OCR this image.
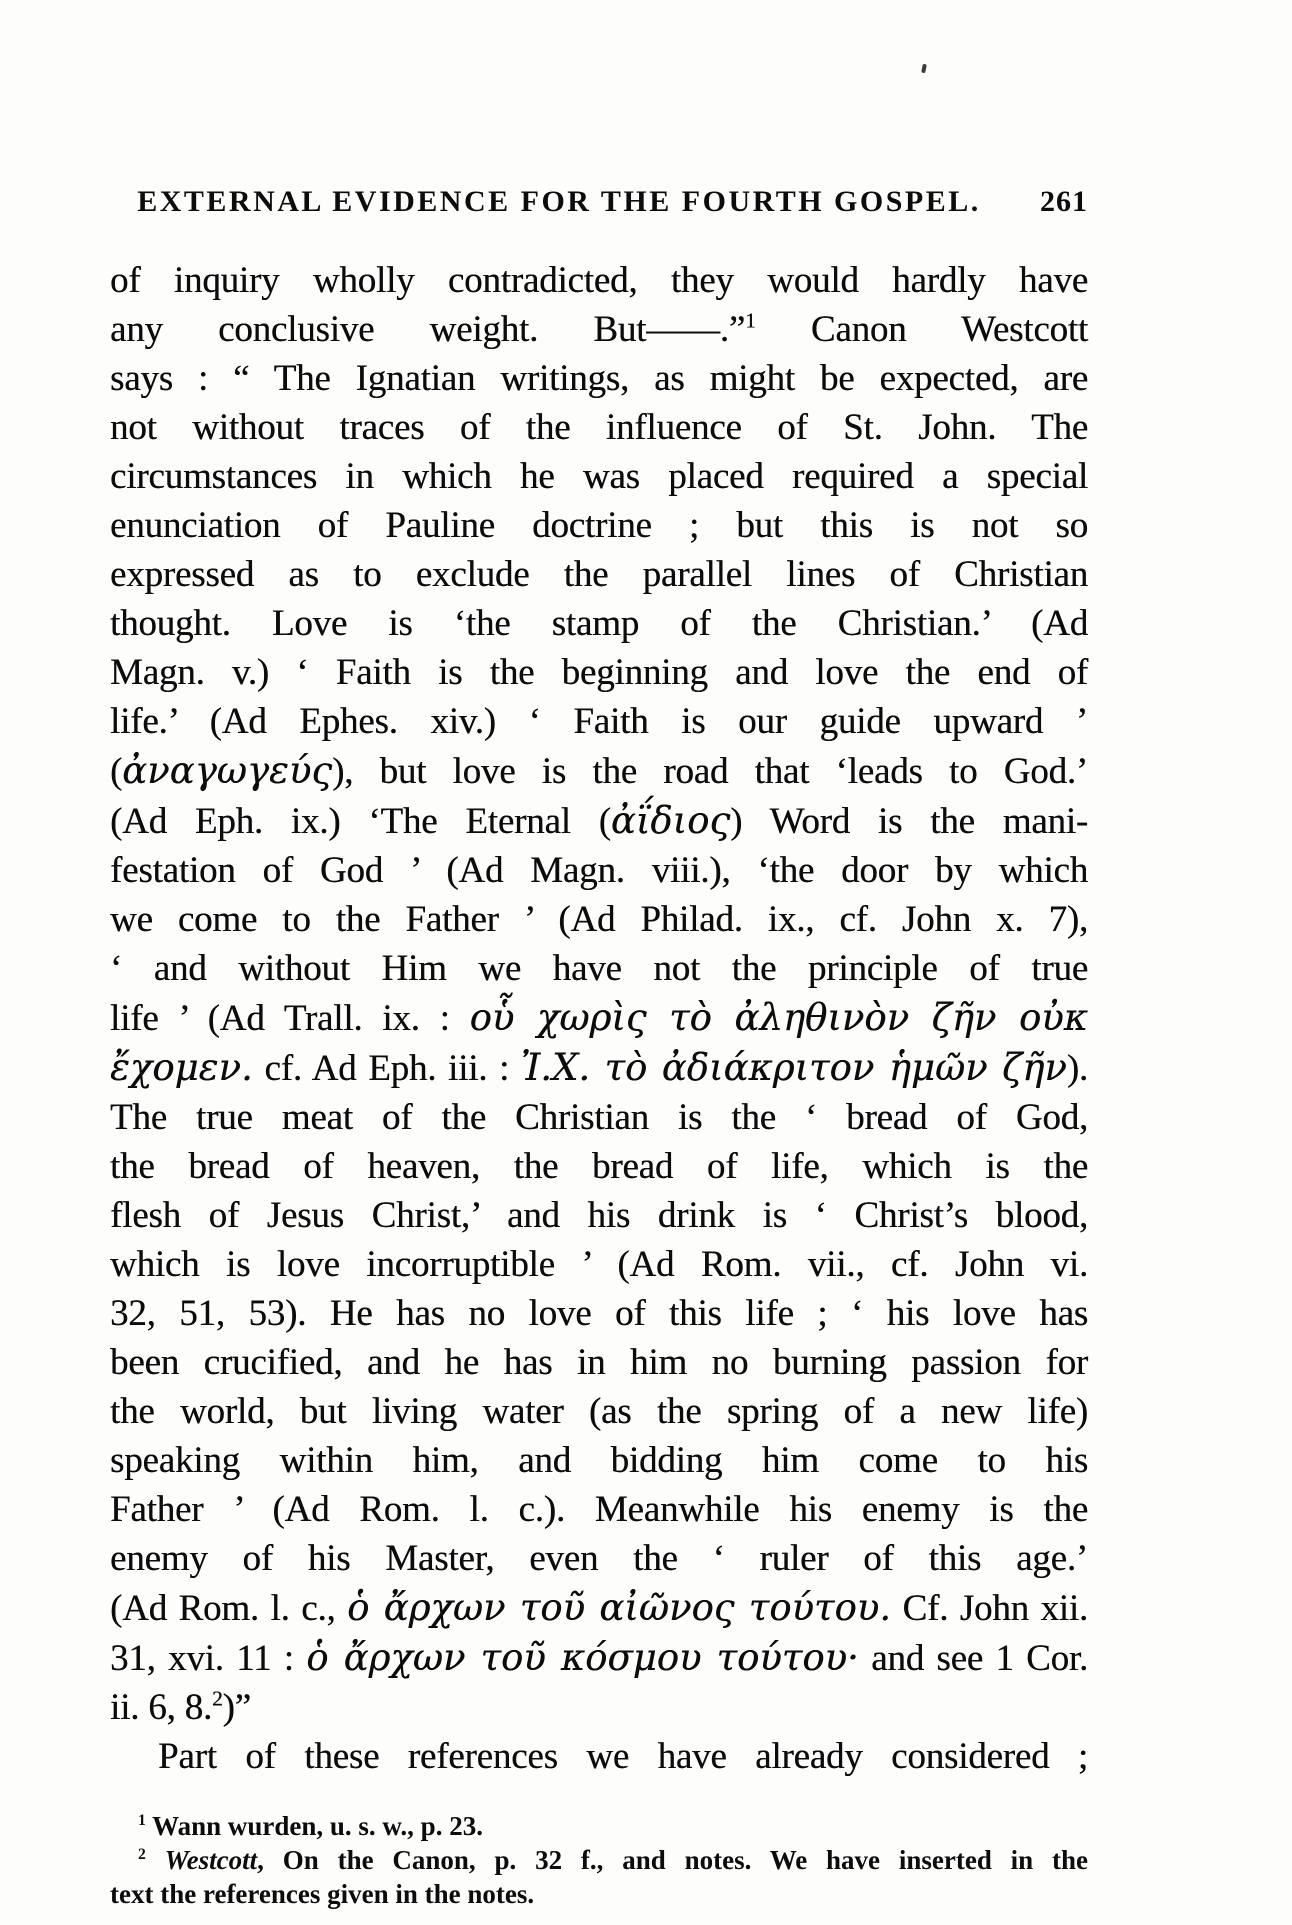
EXTERNAL EVIDENCE FOR THE FOURTH GOSPEL.	261
of inquiry wholly contradicted, they would hardly have
any conclusive weight. But——.”$^1$ Canon Westcott
says : “ The Ignatian writings, as might be expected, are
not without traces of the influence of St. John. The
circumstances in which he was placed required a special
enunciation of Pauline doctrine ; but this is not so
expressed as to exclude the parallel lines of Christian
thought. Love is ‘the stamp of the Christian.’ (Ad
Magn. v.) ‘ Faith is the beginning and love the end of
life.’ (Ad Ephes. xiv.) ‘ Faith is our guide upward ’
(ἀναγωγεύς), but love is the road that ‘leads to God.’
(Ad Eph. ix.) ‘The Eternal (ἀΐδιος) Word is the mani-
festation of God ’ (Ad Magn. viii.), ‘the door by which
we come to the Father ’ (Ad Philad. ix., cf. John x. 7),
‘ and without Him we have not the principle of true
life ’ (Ad Trall. ix. : οὗ χωρὶς τὸ ἀληθινὸν ζῆν οὐκ
ἔχομεν. cf. Ad Eph. iii. : Ἰ.Χ. τὸ ἀδιάκριτον ἡμῶν ζῆν).
The true meat of the Christian is the ‘ bread of God,
the bread of heaven, the bread of life, which is the
flesh of Jesus Christ,’ and his drink is ‘ Christ’s blood,
which is love incorruptible ’ (Ad Rom. vii., cf. John vi.
32, 51, 53). He has no love of this life ; ‘ his love has
been crucified, and he has in him no burning passion for
the world, but living water (as the spring of a new life)
speaking within him, and bidding him come to his
Father ’ (Ad Rom. l. c.). Meanwhile his enemy is the
enemy of his Master, even the ‘ ruler of this age.’
(Ad Rom. l. c., ὁ ἄρχων τοῦ αἰῶνος τούτου. Cf. John xii.
31, xvi. 11 : ὁ ἄρχων τοῦ κόσμου τούτου· and see 1 Cor.
ii. 6, 8.$^2$)”
Part of these references we have already considered ;
$^1$ Wann wurden, u. s. w., p. 23.
$^2$ Westcott, On the Canon, p. 32 f., and notes. We have inserted in the
text the references given in the notes.
